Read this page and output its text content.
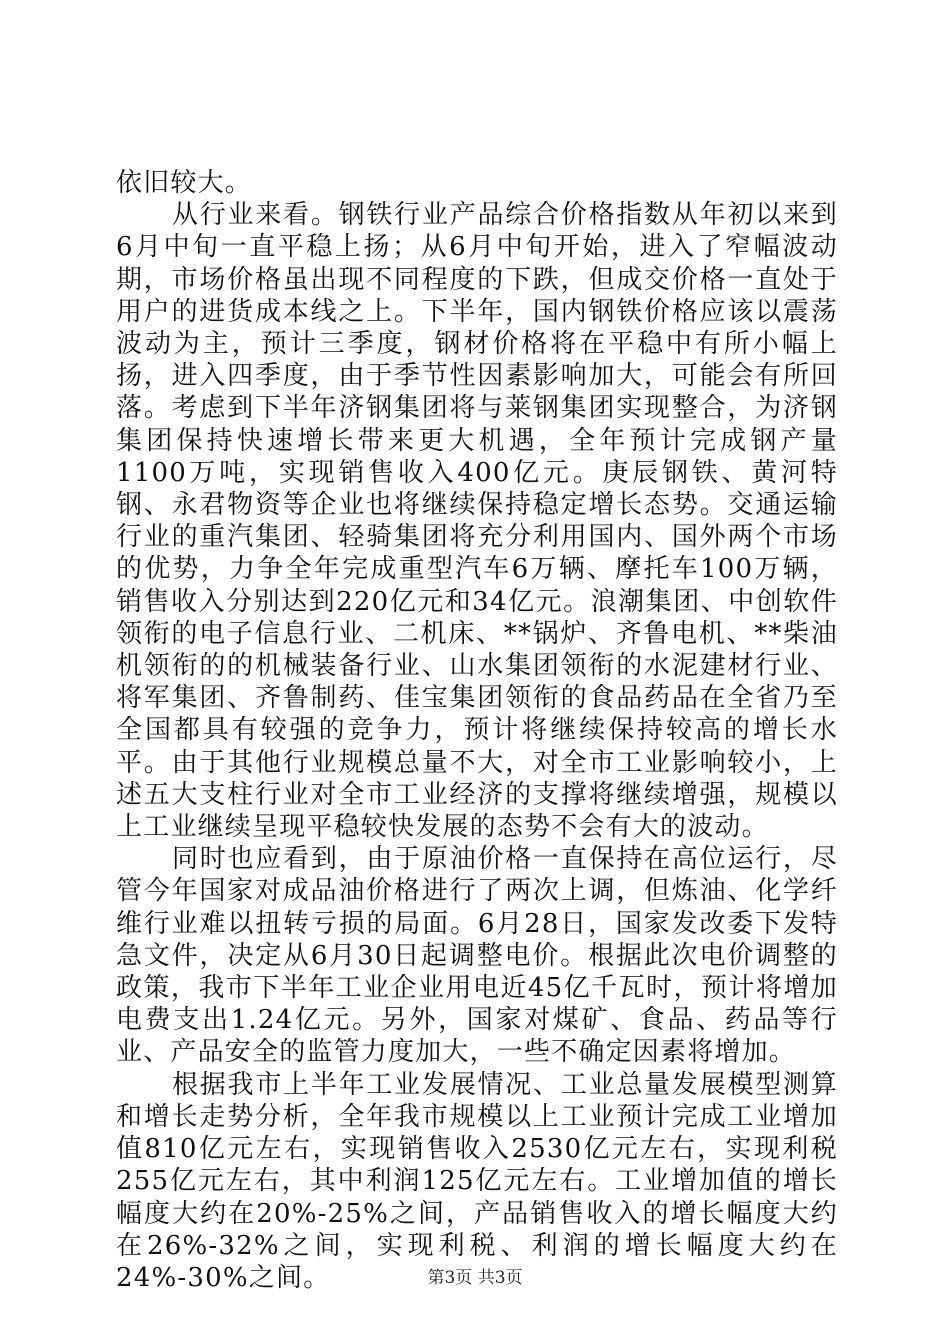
依旧较大。

从行业来看。钢铁行业产品综合价格指数从年初以来到6月中旬一直平稳上扬；从6月中旬开始，进入了窄幅波动期，市场价格虽出现不同程度的下跌，但成交价格一直处于用户的进货成本线之上。下半年，国内钢铁价格应该以震荡波动为主，预计三季度，钢材价格将在平稳中有所小幅上扬，进入四季度，由于季节性因素影响加大，可能会有所回落。考虑到下半年济钢集团将与莱钢集团实现整合，为济钢集团保持快速增长带来更大机遇，全年预计完成钢产量1100万吨，实现销售收入400亿元。庚辰钢铁、黄河特钢、永君物资等企业也将继续保持稳定增长态势。交通运输行业的重汽集团、轻骑集团将充分利用国内、国外两个市场的优势，力争全年完成重型汽车6万辆、摩托车100万辆，销售收入分别达到220亿元和34亿元。浪潮集团、中创软件领衔的电子信息行业、二机床、**锅炉、齐鲁电机、**柴油机领衔的的机械装备行业、山水集团领衔的水泥建材行业、将军集团、齐鲁制药、佳宝集团领衔的食品药品在全省乃至全国都具有较强的竞争力，预计将继续保持较高的增长水平。由于其他行业规模总量不大，对全市工业影响较小，上述五大支柱行业对全市工业经济的支撑将继续增强，规模以上工业继续呈现平稳较快发展的态势不会有大的波动。

同时也应看到，由于原油价格一直保持在高位运行，尽管今年国家对成品油价格进行了两次上调，但炼油、化学纤维行业难以扭转亏损的局面。6月28日，国家发改委下发特急文件，决定从6月30日起调整电价。根据此次电价调整的政策，我市下半年工业企业用电近45亿千瓦时，预计将增加电费支出1.24亿元。另外，国家对煤矿、食品、药品等行业、产品安全的监管力度加大，一些不确定因素将增加。

根据我市上半年工业发展情况、工业总量发展模型测算和增长走势分析，全年我市规模以上工业预计完成工业增加值810亿元左右，实现销售收入2530亿元左右，实现利税255亿元左右，其中利润125亿元左右。工业增加值的增长幅度大约在20%-25%之间，产品销售收入的增长幅度大约在26%-32%之间，实现利税、利润的增长幅度大约在24%-30%之间。	第3页 共3页
